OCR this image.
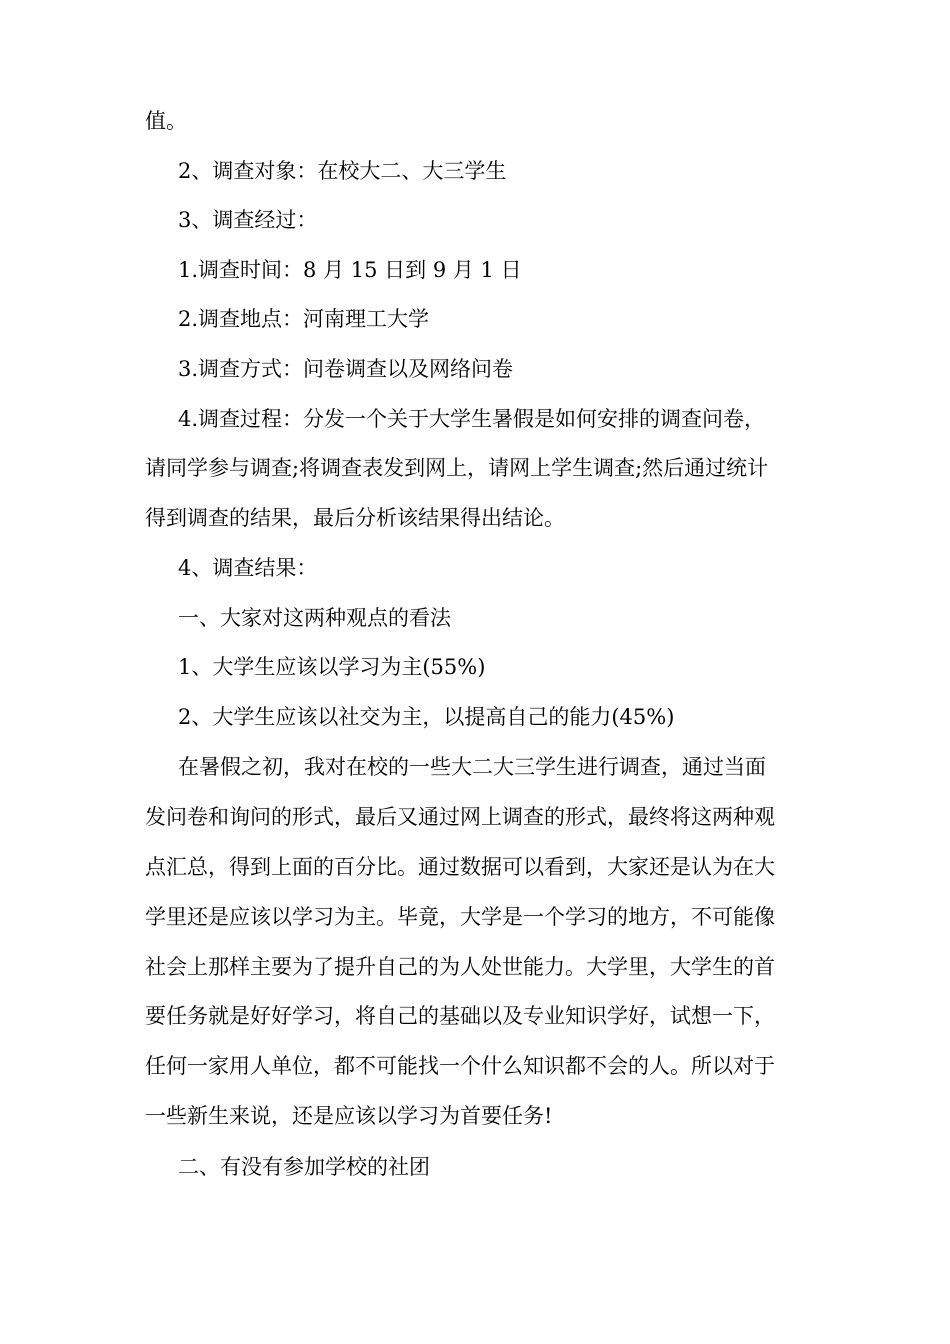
值。
2、调查对象：在校大二、大三学生
3、调查经过：
1.调查时间：8 月 15 日到 9 月 1 日
2.调查地点：河南理工大学
3.调查方式：问卷调查以及网络问卷
4.调查过程：分发一个关于大学生暑假是如何安排的调查问卷，
请同学参与调查;将调查表发到网上，请网上学生调查;然后通过统计
得到调查的结果，最后分析该结果得出结论。
4、调查结果：
一、大家对这两种观点的看法
1、大学生应该以学习为主(55%)
2、大学生应该以社交为主，以提高自己的能力(45%)
在暑假之初，我对在校的一些大二大三学生进行调查，通过当面
发问卷和询问的形式，最后又通过网上调查的形式，最终将这两种观
点汇总，得到上面的百分比。通过数据可以看到，大家还是认为在大
学里还是应该以学习为主。毕竟，大学是一个学习的地方，不可能像
社会上那样主要为了提升自己的为人处世能力。大学里，大学生的首
要任务就是好好学习，将自己的基础以及专业知识学好，试想一下，
任何一家用人单位，都不可能找一个什么知识都不会的人。所以对于
一些新生来说，还是应该以学习为首要任务!
二、有没有参加学校的社团
